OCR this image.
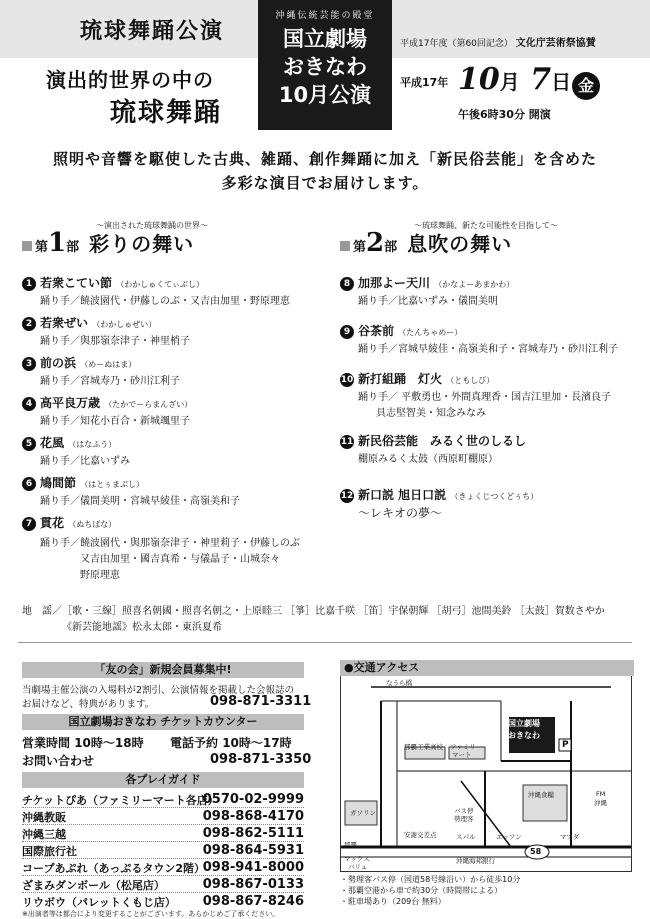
琉球舞踊公演
演出的世界の中の
琉球舞踊
沖縄伝統芸能の殿堂
国立劇場
おきなわ
10月公演
平成17年度（第60回記念） 文化庁芸術祭協賛
平成17年 10月 7日 金
午後6時30分 開演
照明や音響を駆使した古典、雑踊、創作舞踊に加え「新民俗芸能」を含めた
多彩な演目でお届けします。
〜演出された琉球舞踊の世界〜
第1部 彩りの舞い
1 若衆こてい節 （わかしゅくてぃぶし）
踊り手／饒波園代・伊藤しのぶ・又吉由加里・野原理恵
2 若衆ぜい （わかしゅぜい）
踊り手／與那嶺奈津子・神里梢子
3 前の浜 （めーぬはま）
踊り手／宮城寿乃・砂川江利子
4 高平良万歳 （たかでーらまんざい）
踊り手／知花小百合・新城颯里子
5 花風 （はなふう）
踊り手／比嘉いずみ
6 鳩間節 （はとぅまぶし）
踊り手／儀間美明・宮城早綾佳・高嶺美和子
7 貫花 （ぬちばな）
踊り手／饒波園代・與那嶺奈津子・神里莉子・伊藤しのぶ
又吉由加里・國吉真希・与儀晶子・山城奈々
野原理恵
〜琉球舞踊、新たな可能性を目指して〜
第2部 息吹の舞い
8 加那よー天川 （かなよーあまかわ）
踊り手／比嘉いずみ・儀間美明
9 谷茶前 （たんちゃめー）
踊り手／宮城早綾佳・高嶺美和子・宮城寿乃・砂川江利子
10 新打組踊　灯火 （ともしび）
踊り手／ 平敷勇也・外間真理香・国吉江里加・長濱良子
具志堅智美・知念みなみ
11 新民俗芸能　みるく世のしるし
棚原みるく太鼓（西原町棚原）
12 新口説 旭日口説 （きょくじつくどぅち）
〜レキオの夢〜
地　謡／［歌・三線］照喜名朝國・照喜名朝之・上原睦三 ［箏］比嘉千咲 ［笛］宇保朝輝 ［胡弓］池間美鈴 ［太鼓］賀数さやか
《新芸能地謡》松永太郎・東浜夏希
「友の会」新規会員募集中!
当劇場主催公演の入場料が2割引、公演情報を掲載した会報誌の
お届けなど、特典があります。	098-871-3311
国立劇場おきなわ チケットカウンター
営業時間 10時〜18時 電話予約 10時〜17時
お問い合わせ	098-871-3350
各プレイガイド
チケットぴあ（ファミリーマート各店）
0570-02-9999
沖縄教販	098-868-4170
沖縄三越	098-862-5111
国際旅行社	098-864-5931
コープあぷれ（あっぷるタウン2階）
098-941-8000
ざまみダンボール（松尾店）	098-867-0133
リウボウ（パレットくもじ店） 098-867-8246
※出演者等は都合により変更することがございます。あらかじめご了承ください。
●交通アクセス
国立劇場
おきなわ
P
なうら橋
那覇工業高校 ファミリー
マート
沖縄食糧	FM
沖縄
バス停
勢理客
ガソリン
安謝交差点	スパル	エッソン	マツダ
マックス
バリュ
沖縄海邦銀行
那覇
58
・勢理客バス停（国道58号線沿い）から徒歩10分
・那覇空港から車で約30分（時間帯による）
・駐車場あり（209台 無料）
